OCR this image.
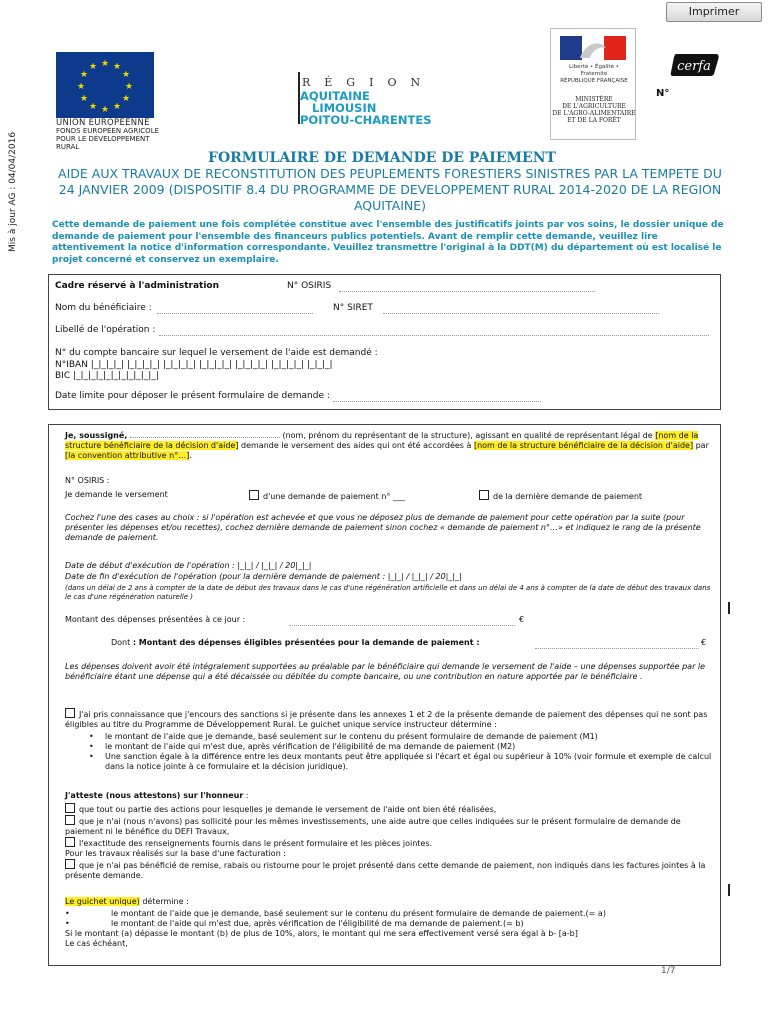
Imprimer
Mis à jour AG : 04/04/2016
★ ★
★
★
★
★
★
★
★
★
★
★
UNION EUROPÉENNE
FONDS EUROPÉEN AGRICOLE
POUR LE DÉVELOPPEMENT RURAL
RÉGION
AQUITAINE
LIMOUSIN
POITOU-CHARENTES
Liberté • Égalité • Fraternité
RÉPUBLIQUE FRANÇAISE
MINISTÈRE
DE L'AGRICULTURE
DE L'AGRO-ALIMENTAIRE
ET DE LA FORÊT
cerfa
N°
FORMULAIRE DE DEMANDE DE PAIEMENT
AIDE AUX TRAVAUX DE RECONSTITUTION DES PEUPLEMENTS FORESTIERS SINISTRES PAR LA TEMPETE DU 24 JANVIER 2009 (DISPOSITIF 8.4 DU PROGRAMME DE DEVELOPPEMENT RURAL 2014-2020 DE LA REGION AQUITAINE)
Cette demande de paiement une fois complétée constitue avec l'ensemble des justificatifs joints par vos soins, le dossier unique de demande de paiement pour l'ensemble des financeurs publics potentiels. Avant de remplir cette demande, veuillez lire attentivement la notice d'information correspondante. Veuillez transmettre l'original à la DDT(M) du département où est localisé le projet concerné et conservez un exemplaire.
Cadre réservé à l'administration	N° OSIRIS
Nom du bénéficiaire :	N° SIRET
Libellé de l'opération :
N° du compte bancaire sur lequel le versement de l'aide est demandé :
N°IBAN |_|_|_|_| |_|_|_|_| |_|_|_|_| |_|_|_|_| |_|_|_|_| |_|_|_|_| |_|_|_|
BIC |_|_|_|_|_|_|_|_|_|_|_|
Date limite pour déposer le présent formulaire de demande :
Je, soussigné,	(nom, prénom du représentant de la structure), agissant en qualité de représentant légal de [nom de la structure bénéficiaire de la décision d'aide] demande le versement des aides qui ont été accordées à [nom de la structure bénéficiaire de la décision d'aide] par [la convention attributive n°…].
N° OSIRIS :
Je demande le versement	d'une demande de paiement n° ___	de la dernière demande de paiement
Cochez l'une des cases au choix : si l'opération est achevée et que vous ne déposez plus de demande de paiement pour cette opération par la suite (pour présenter les dépenses et/ou recettes), cochez dernière demande de paiement sinon cochez « demande de paiement n°…» et indiquez le rang de la présente demande de paiement.
Date de début d'exécution de l'opération : |_|_| / |_|_| / 20|_|_|
Date de fin d'exécution de l'opération (pour la dernière demande de paiement : |_|_| / |_|_| / 20|_|_|
(dans un délai de 2 ans à compter de la date de début des travaux dans le cas d'une régénération artificielle et dans un délai de 4 ans à compter de la date de début des travaux dans le cas d'une régénération naturelle )
Montant des dépenses présentées à ce jour :	€
Dont : Montant des dépenses éligibles présentées pour la demande de paiement :	€
Les dépenses doivent avoir été intégralement supportées au préalable par le bénéficiaire qui demande le versement de l'aide – une dépenses supportée par le bénéficiaire étant une dépense qui a été décaissée ou débitée du compte bancaire, ou une contribution en nature apportée par le bénéficiaire .
J'ai pris connaissance que j'encours des sanctions si je présente dans les annexes 1 et 2 de la présente demande de paiement des dépenses qui ne sont pas éligibles au titre du Programme de Développement Rural. Le guichet unique service instructeur détermine :
• le montant de l'aide que je demande, basé seulement sur le contenu du présent formulaire de demande de paiement (M1)
• le montant de l'aide qui m'est due, après vérification de l'éligibilité de ma demande de paiement (M2)
•	Une sanction égale à la différence entre les deux montants peut être appliquée si l'écart et égal ou supérieur à 10% (voir formule et exemple de calcul dans la notice jointe à ce formulaire et la décision juridique).
J'atteste (nous attestons) sur l'honneur :
que tout ou partie des actions pour lesquelles je demande le versement de l'aide ont bien été réalisées,
que je n'ai (nous n'avons) pas sollicité pour les mêmes investissements, une aide autre que celles indiquées sur le présent formulaire de demande de paiement ni le bénéfice du DEFI Travaux,
l'exactitude des renseignements fournis dans le présent formulaire et les pièces jointes.
Pour les travaux réalisés sur la base d'une facturation :
que je n'ai pas bénéficié de remise, rabais ou ristourne pour le projet présenté dans cette demande de paiement, non indiqués dans les factures jointes à la présente demande.
Le guichet unique) détermine :
•	le montant de l'aide que je demande, basé seulement sur le contenu du présent formulaire de demande de paiement.(= a)
•	le montant de l'aide qui m'est due, après vérification de l'éligibilité de ma demande de paiement.(= b)
Si le montant (a) dépasse le montant (b) de plus de 10%, alors, le montant qui me sera effectivement versé sera égal à b- [a-b]
Le cas échéant,
1/7
